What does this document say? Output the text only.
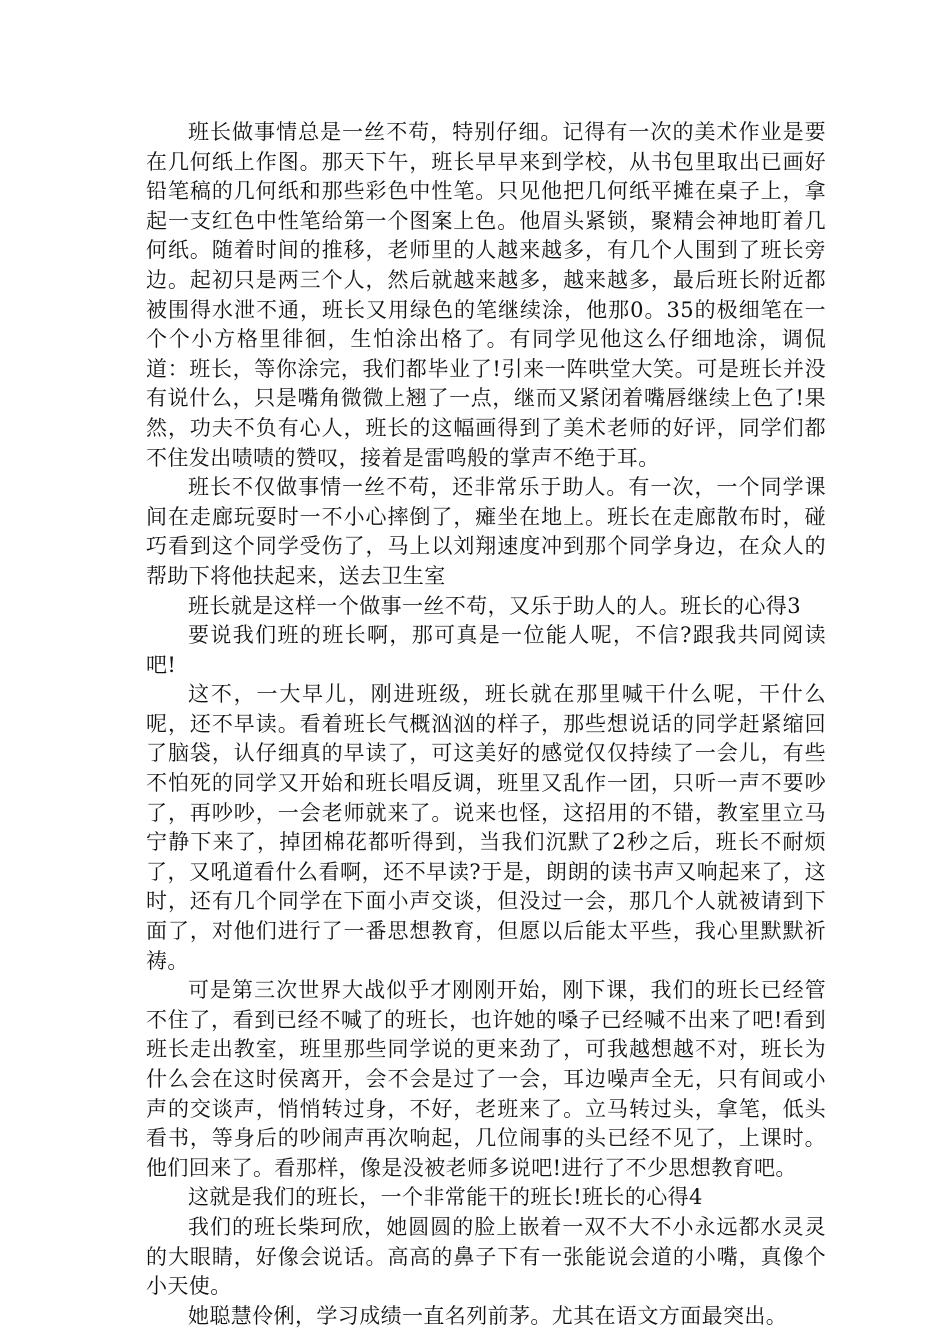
班长做事情总是一丝不苟，特别仔细。记得有一次的美术作业是要在几何纸上作图。那天下午，班长早早来到学校，从书包里取出已画好铅笔稿的几何纸和那些彩色中性笔。只见他把几何纸平摊在桌子上，拿起一支红色中性笔给第一个图案上色。他眉头紧锁，聚精会神地盯着几何纸。随着时间的推移，老师里的人越来越多，有几个人围到了班长旁边。起初只是两三个人，然后就越来越多，越来越多，最后班长附近都被围得水泄不通，班长又用绿色的笔继续涂，他那0。35的极细笔在一个个小方格里徘徊，生怕涂出格了。有同学见他这么仔细地涂，调侃道：班长，等你涂完，我们都毕业了!引来一阵哄堂大笑。可是班长并没有说什么，只是嘴角微微上翘了一点，继而又紧闭着嘴唇继续上色了!果然，功夫不负有心人，班长的这幅画得到了美术老师的好评，同学们都不住发出啧啧的赞叹，接着是雷鸣般的掌声不绝于耳。

班长不仅做事情一丝不苟，还非常乐于助人。有一次，一个同学课间在走廊玩耍时一不小心摔倒了，瘫坐在地上。班长在走廊散布时，碰巧看到这个同学受伤了，马上以刘翔速度冲到那个同学身边，在众人的帮助下将他扶起来，送去卫生室

班长就是这样一个做事一丝不苟，又乐于助人的人。班长的心得3

要说我们班的班长啊，那可真是一位能人呢，不信?跟我共同阅读吧!

这不，一大早儿，刚进班级，班长就在那里喊干什么呢，干什么呢，还不早读。看着班长气概汹汹的样子，那些想说话的同学赶紧缩回了脑袋，认仔细真的早读了，可这美好的感觉仅仅持续了一会儿，有些不怕死的同学又开始和班长唱反调，班里又乱作一团，只听一声不要吵了，再吵吵，一会老师就来了。说来也怪，这招用的不错，教室里立马宁静下来了，掉团棉花都听得到，当我们沉默了2秒之后，班长不耐烦了，又吼道看什么看啊，还不早读?于是，朗朗的读书声又响起来了，这时，还有几个同学在下面小声交谈，但没过一会，那几个人就被请到下面了，对他们进行了一番思想教育，但愿以后能太平些，我心里默默祈祷。

可是第三次世界大战似乎才刚刚开始，刚下课，我们的班长已经管不住了，看到已经不喊了的班长，也许她的嗓子已经喊不出来了吧!看到班长走出教室，班里那些同学说的更来劲了，可我越想越不对，班长为什么会在这时侯离开，会不会是过了一会，耳边噪声全无，只有间或小声的交谈声，悄悄转过身，不好，老班来了。立马转过头，拿笔，低头看书，等身后的吵闹声再次响起，几位闹事的头已经不见了，上课时。他们回来了。看那样，像是没被老师多说吧!进行了不少思想教育吧。

这就是我们的班长，一个非常能干的班长!班长的心得4

我们的班长柴珂欣，她圆圆的脸上嵌着一双不大不小永远都水灵灵的大眼睛，好像会说话。高高的鼻子下有一张能说会道的小嘴，真像个小天使。

她聪慧伶俐，学习成绩一直名列前茅。尤其在语文方面最突出。
